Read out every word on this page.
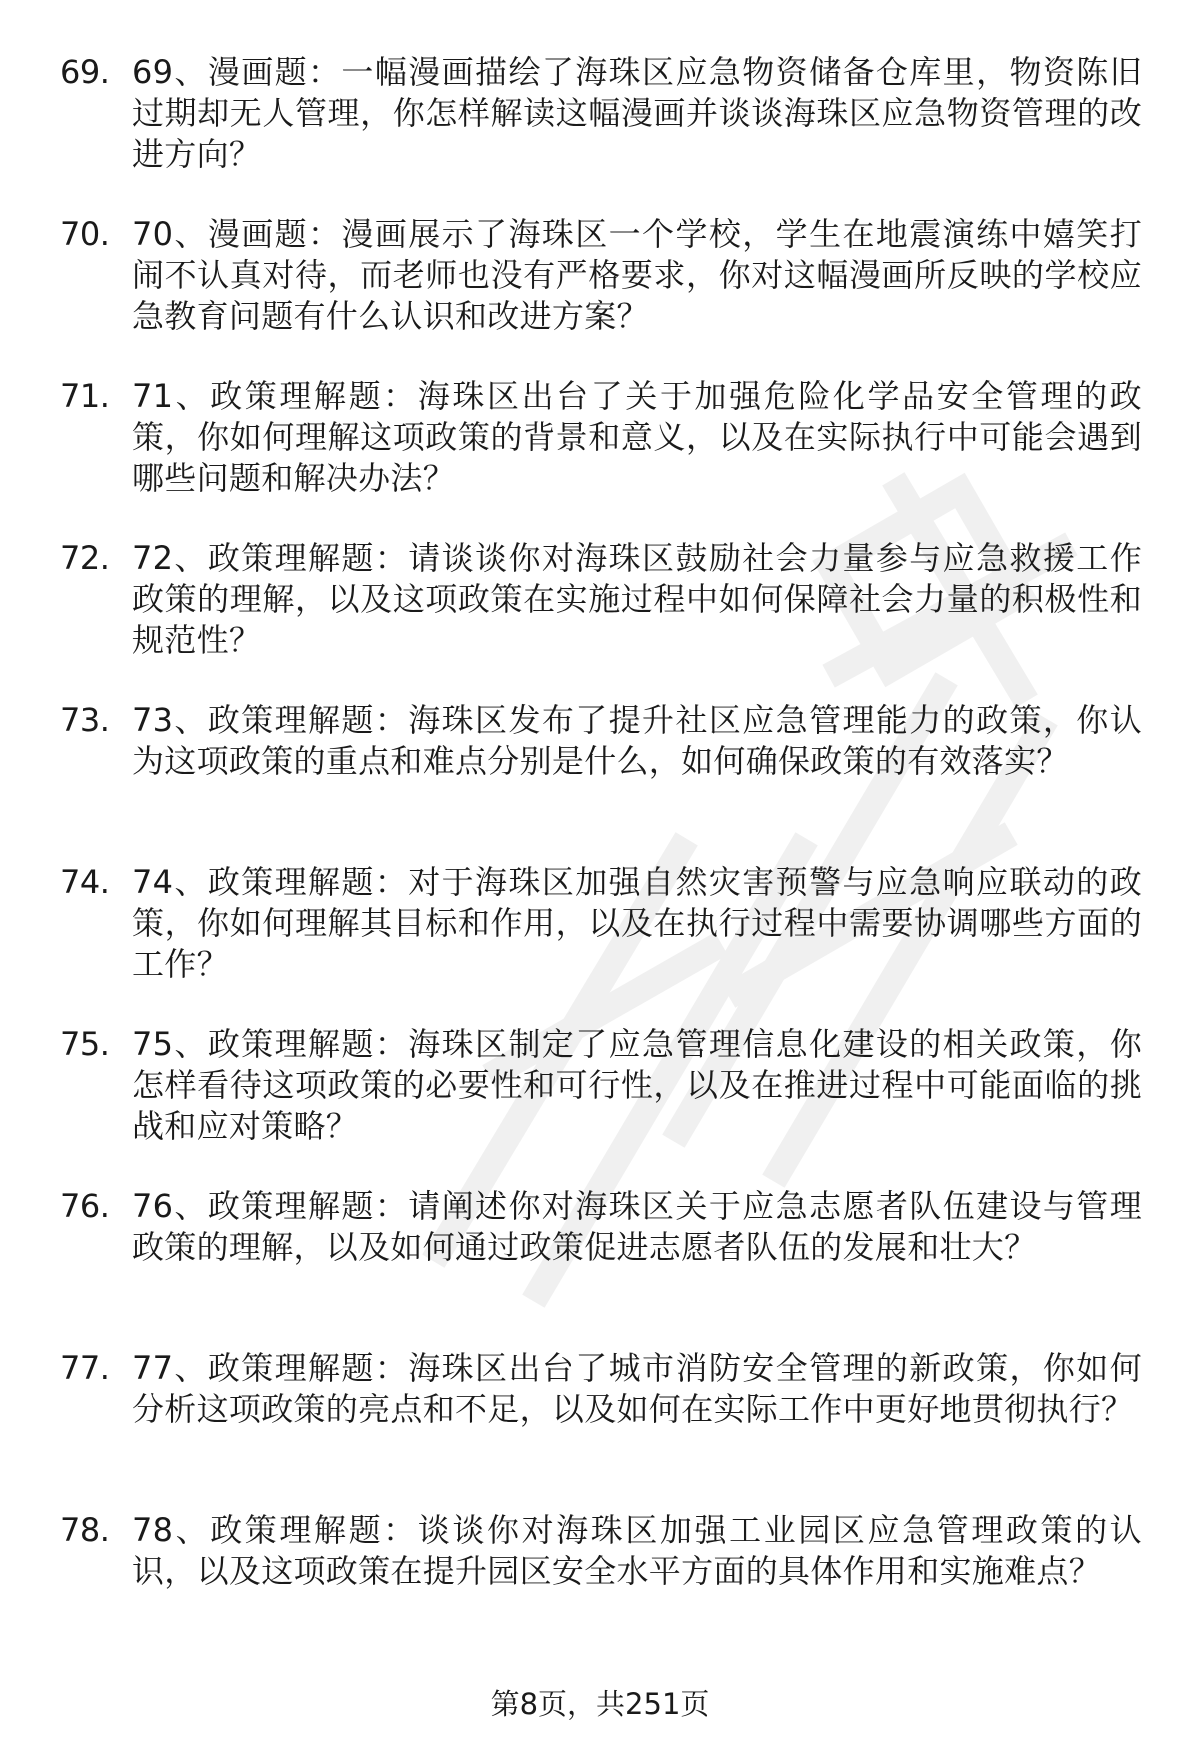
69. 69、漫画题：一幅漫画描绘了海珠区应急物资储备仓库里，物资陈旧过期却无人管理，你怎样解读这幅漫画并谈谈海珠区应急物资管理的改进方向？
70. 70、漫画题：漫画展示了海珠区一个学校，学生在地震演练中嬉笑打闹不认真对待，而老师也没有严格要求，你对这幅漫画所反映的学校应急教育问题有什么认识和改进方案？
71. 71、政策理解题：海珠区出台了关于加强危险化学品安全管理的政策，你如何理解这项政策的背景和意义，以及在实际执行中可能会遇到哪些问题和解决办法？
72. 72、政策理解题：请谈谈你对海珠区鼓励社会力量参与应急救援工作政策的理解，以及这项政策在实施过程中如何保障社会力量的积极性和规范性？
73. 73、政策理解题：海珠区发布了提升社区应急管理能力的政策，你认为这项政策的重点和难点分别是什么，如何确保政策的有效落实？
74. 74、政策理解题：对于海珠区加强自然灾害预警与应急响应联动的政策，你如何理解其目标和作用，以及在执行过程中需要协调哪些方面的工作？
75. 75、政策理解题：海珠区制定了应急管理信息化建设的相关政策，你怎样看待这项政策的必要性和可行性，以及在推进过程中可能面临的挑战和应对策略？
76. 76、政策理解题：请阐述你对海珠区关于应急志愿者队伍建设与管理政策的理解，以及如何通过政策促进志愿者队伍的发展和壮大？
77. 77、政策理解题：海珠区出台了城市消防安全管理的新政策，你如何分析这项政策的亮点和不足，以及如何在实际工作中更好地贯彻执行？
78. 78、政策理解题：谈谈你对海珠区加强工业园区应急管理政策的认识，以及这项政策在提升园区安全水平方面的具体作用和实施难点？
第8页，共251页
